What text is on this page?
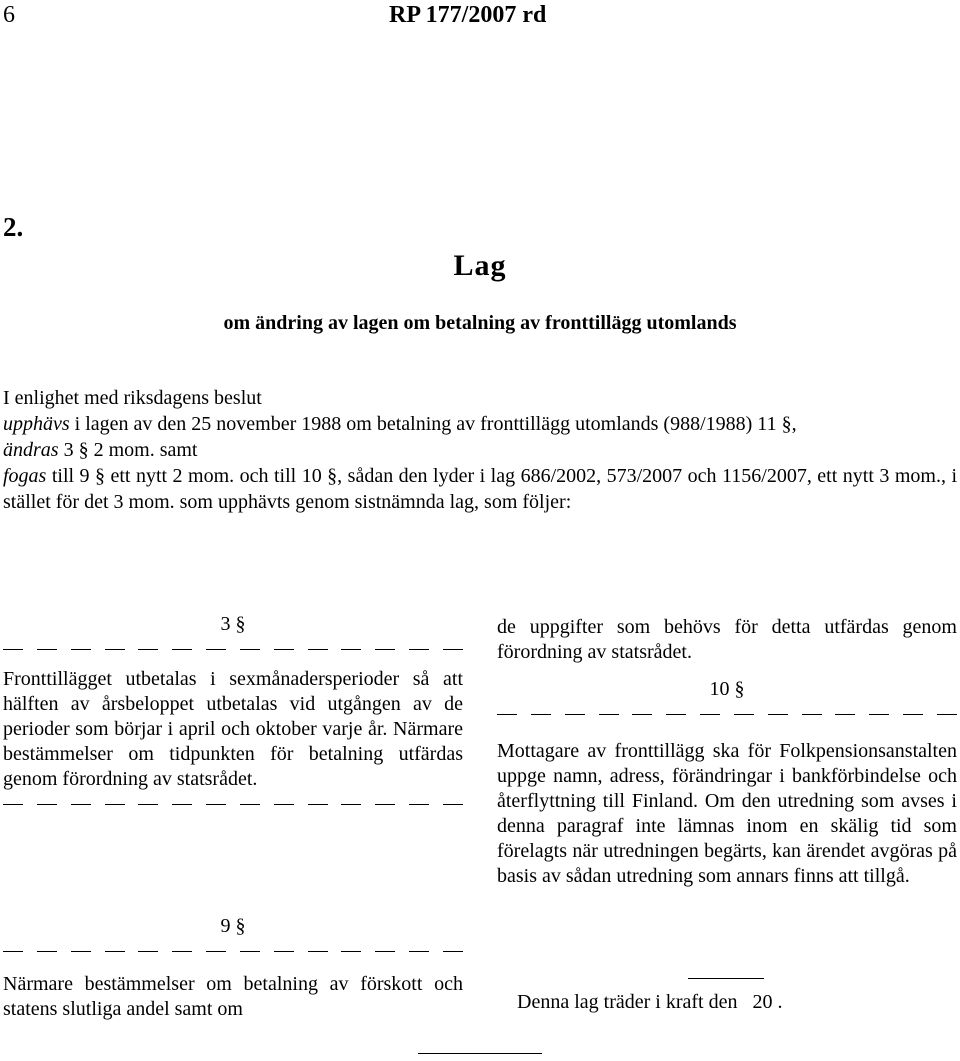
6	RP 177/2007 rd
2.
Lag
om ändring av lagen om betalning av fronttillägg utomlands

I enlighet med riksdagens beslut

upphävs i lagen av den 25 november 1988 om betalning av fronttillägg utomlands (988/1988) 11 §,

ändras 3 § 2 mom. samt

fogas till 9 § ett nytt 2 mom. och till 10 §, sådan den lyder i lag 686/2002, 573/2007 och 1156/2007, ett nytt 3 mom., i stället för det 3 mom. som upphävts genom sistnämnda lag, som följer:

3 §

Fronttillägget utbetalas i sexmånadersperioder så att hälften av årsbeloppet utbetalas vid utgången av de perioder som börjar i april och oktober varje år. Närmare bestämmelser om tidpunkten för betalning utfärdas genom förordning av statsrådet.

9 §

Närmare bestämmelser om betalning av förskott och statens slutliga andel samt om

de uppgifter som behövs för detta utfärdas genom förordning av statsrådet.

10 §

Mottagare av fronttillägg ska för Folkpensionsanstalten uppge namn, adress, förändringar i bankförbindelse och återflyttning till Finland. Om den utredning som avses i denna paragraf inte lämnas inom en skälig tid som förelagts när utredningen begärts, kan ärendet avgöras på basis av sådan utredning som annars finns att tillgå.

Denna lag träder i kraft den   20 .
